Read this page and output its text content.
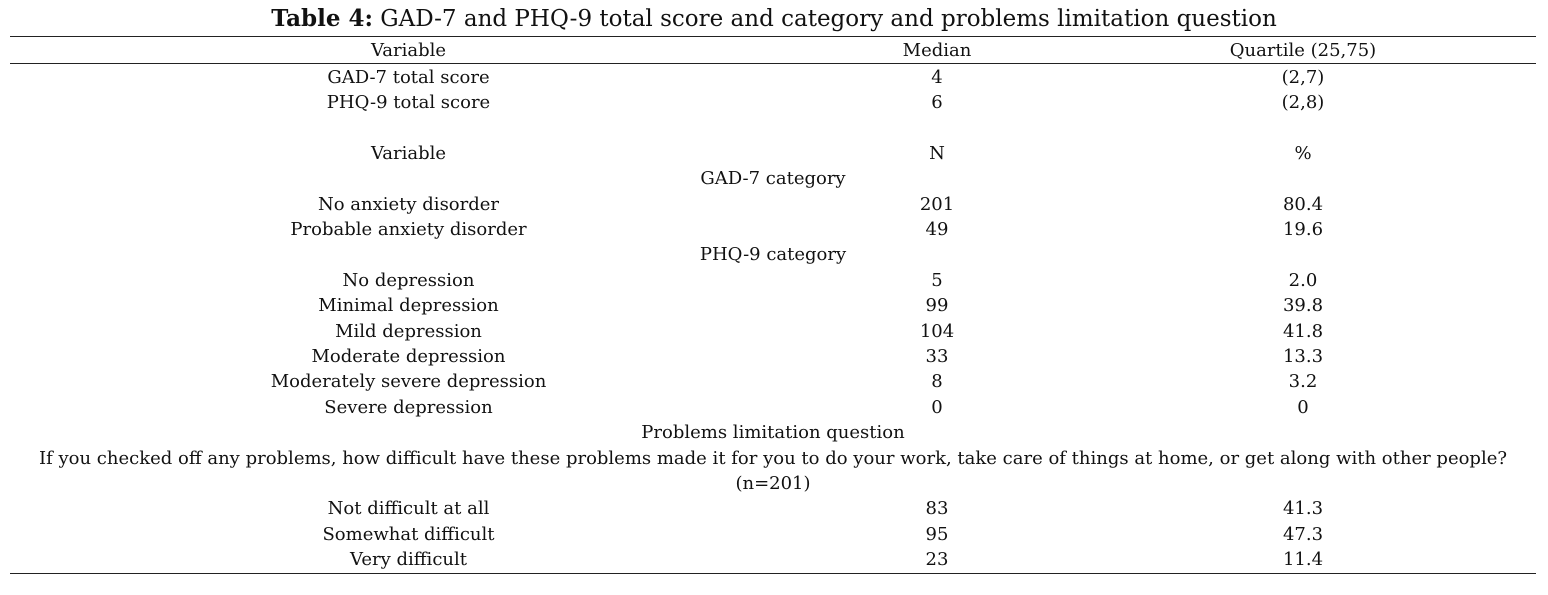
Table 4: GAD-7 and PHQ-9 total score and category and problems limitation question
Variable	Median	Quartile (25,75)
GAD-7 total score	4	(2,7)
PHQ-9 total score	6	(2,8)
Variable	N	%
GAD-7 category
No anxiety disorder	201	80.4
Probable anxiety disorder	49	19.6
PHQ-9 category
No depression	5	2.0
Minimal depression	99	39.8
Mild depression	104	41.8
Moderate depression	33	13.3
Moderately severe depression	8	3.2
Severe depression	0	0
Problems limitation question
If you checked off any problems, how difficult have these problems made it for you to do your work, take care of things at home, or get along with other people?
(n=201)
Not difficult at all	83	41.3
Somewhat difficult	95	47.3
Very difficult	23	11.4
